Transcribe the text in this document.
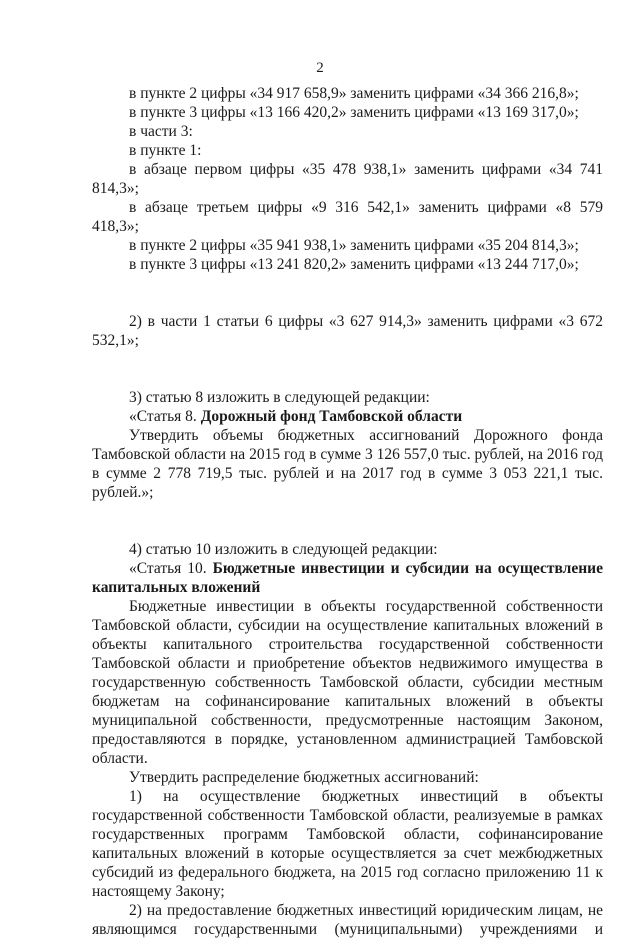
2

в пункте 2 цифры «34 917 658,9» заменить цифрами «34 366 216,8»;

в пункте 3 цифры «13 166 420,2» заменить цифрами «13 169 317,0»;

в части 3:

в пункте 1:

в абзаце первом цифры «35 478 938,1» заменить цифрами «34 741 814,3»;

в абзаце третьем цифры «9 316 542,1» заменить цифрами «8 579 418,3»;

в пункте 2 цифры «35 941 938,1» заменить цифрами «35 204 814,3»;

в пункте 3 цифры «13 241 820,2» заменить цифрами «13 244 717,0»;

2) в части 1 статьи 6 цифры «3 627 914,3» заменить цифрами «3 672 532,1»;

3) статью 8 изложить в следующей редакции:

«Статья 8. Дорожный фонд Тамбовской области

Утвердить объемы бюджетных ассигнований Дорожного фонда Тамбовской области на 2015 год в сумме 3 126 557,0 тыс. рублей, на 2016 год в сумме 2 778 719,5 тыс. рублей и на 2017 год в сумме 3 053 221,1 тыс. рублей.»;

4) статью 10 изложить в следующей редакции:

«Статья 10. Бюджетные инвестиции и субсидии на осуществление капитальных вложений

Бюджетные инвестиции в объекты государственной собственности Тамбовской области, субсидии на осуществление капитальных вложений в объекты капитального строительства государственной собственности Тамбовской области и приобретение объектов недвижимого имущества в государственную собственность Тамбовской области, субсидии местным бюджетам на софинансирование капитальных вложений в объекты муниципальной собственности, предусмотренные настоящим Законом, предоставляются в порядке, установленном администрацией Тамбовской области.

Утвердить распределение бюджетных ассигнований:

1) на осуществление бюджетных инвестиций в объекты государственной собственности Тамбовской области, реализуемые в рамках государственных программ Тамбовской области, софинансирование капитальных вложений в которые осуществляется за счет межбюджетных субсидий из федерального бюджета, на 2015 год согласно приложению 11 к настоящему Закону;

2) на предоставление бюджетных инвестиций юридическим лицам, не являющимся государственными (муниципальными) учреждениями и
